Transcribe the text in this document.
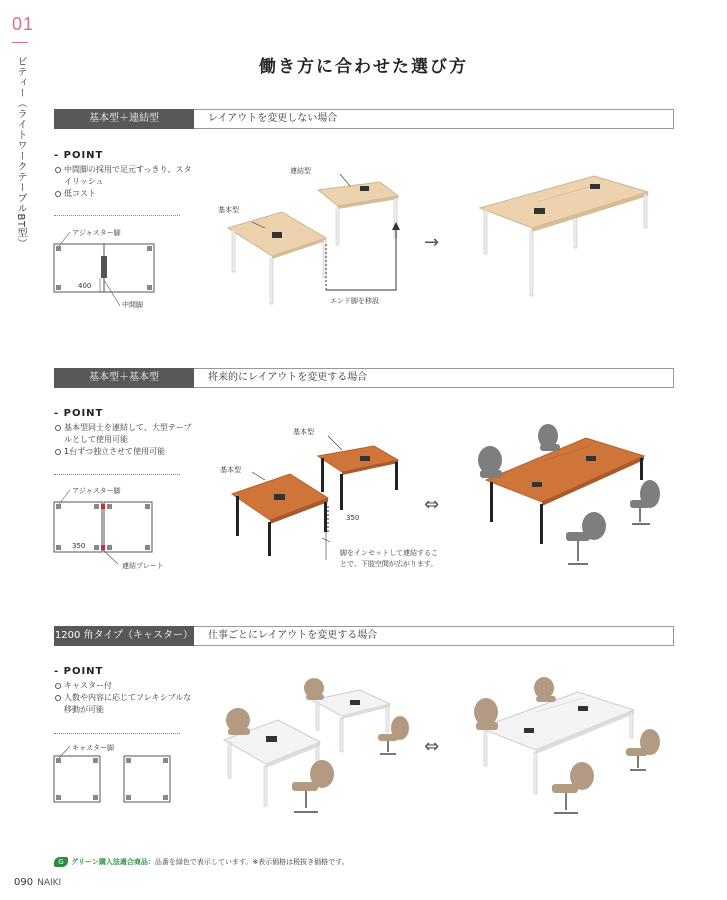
01
ビティー（ライトワークテーブルBT型）	働き方に合わせた選び方
基本型＋連結型	レイアウトを変更しない場合
- POINT
中間脚の採用で足元すっきり、スタイリッシュ
低コスト
アジャスター脚
400
中間脚
基本型
連結型
エンド脚を移設
→
基本型＋基本型	将来的にレイアウトを変更する場合
- POINT
基本型同士を連結して、大型テーブルとして使用可能
1台ずつ独立させて使用可能
アジャスター脚
350
連結プレート
基本型
基本型
350
脚をインセットして連結することで、下肢空間が広がります。
⇔
1200 角タイプ（キャスター）	仕事ごとにレイアウトを変更する場合
- POINT
キャスター付
人数や内容に応じてフレキシブルな移動が可能
キャスター脚	⇔
G グリーン購入法適合商品：品番を緑色で表示しています。※表示価格は税抜き価格です。
090 NAIKI
